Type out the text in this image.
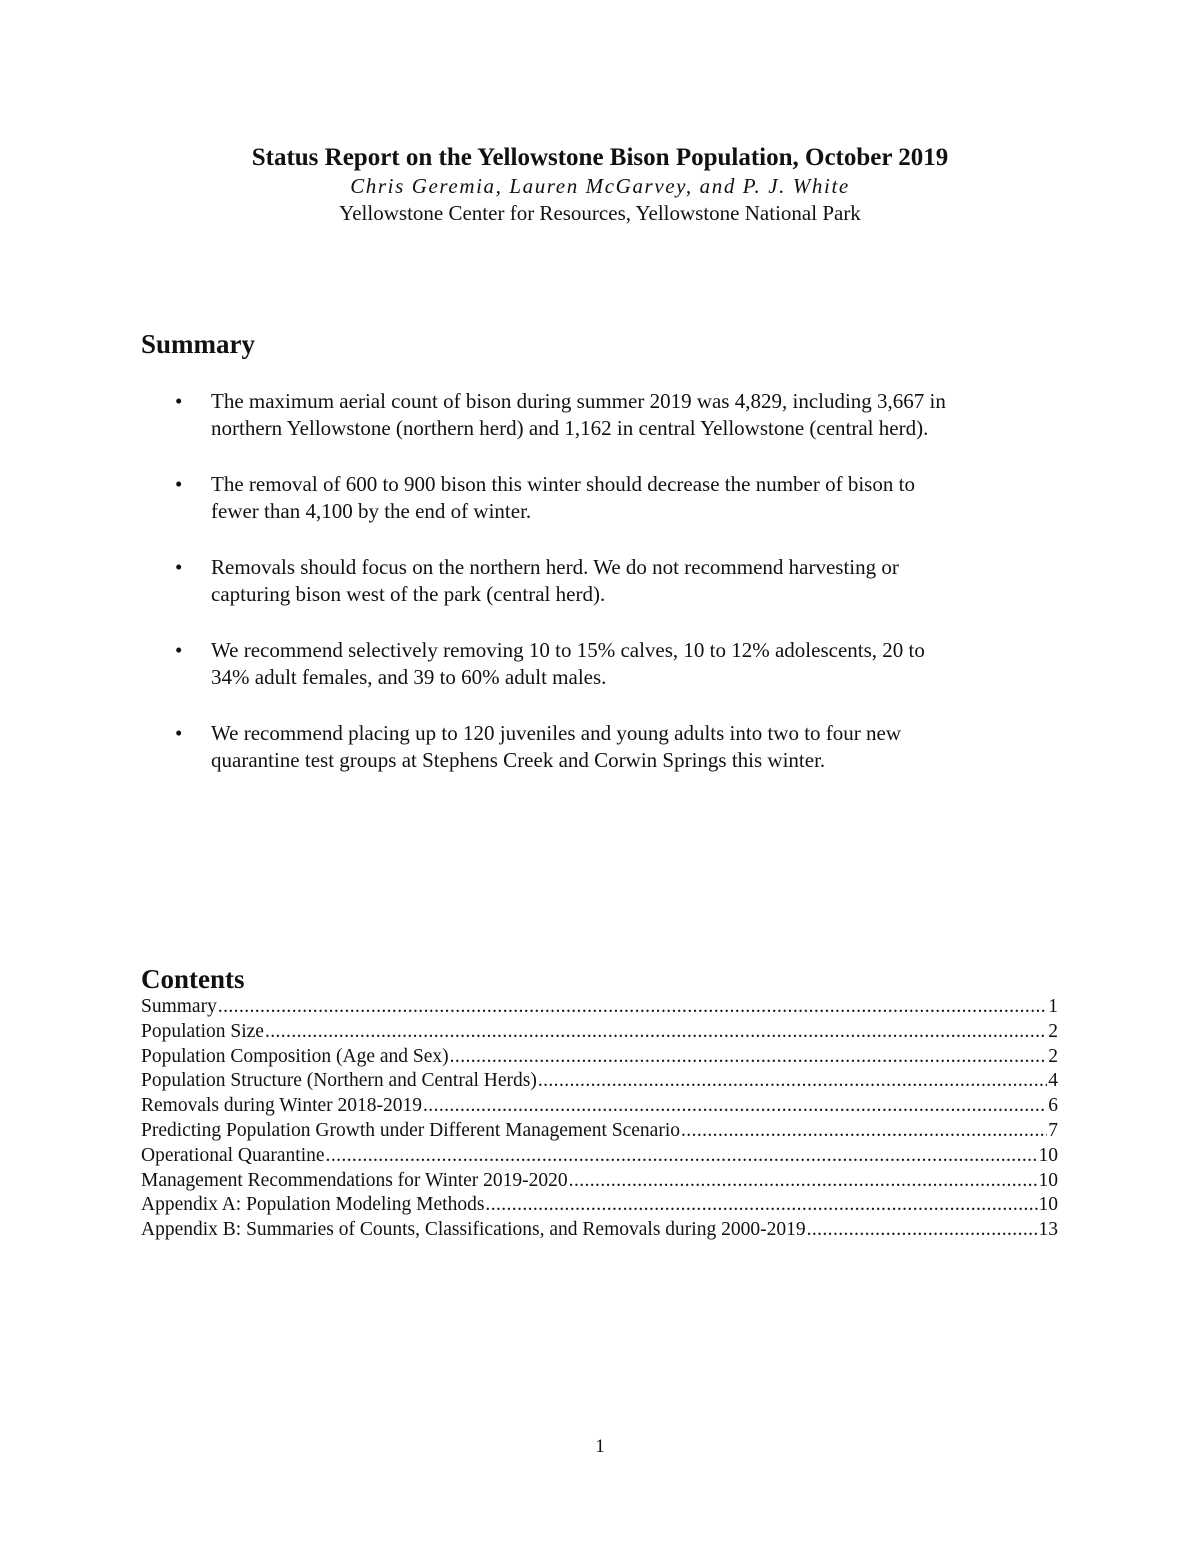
Status Report on the Yellowstone Bison Population, October 2019
Chris Geremia, Lauren McGarvey, and P. J. White
Yellowstone Center for Resources, Yellowstone National Park
Summary
• The maximum aerial count of bison during summer 2019 was 4,829, including 3,667 in
northern Yellowstone (northern herd) and 1,162 in central Yellowstone (central herd).
• The removal of 600 to 900 bison this winter should decrease the number of bison to
fewer than 4,100 by the end of winter.
• Removals should focus on the northern herd. We do not recommend harvesting or
capturing bison west of the park (central herd).
• We recommend selectively removing 10 to 15% calves, 10 to 12% adolescents, 20 to
34% adult females, and 39 to 60% adult males.
• We recommend placing up to 120 juveniles and young adults into two to four new
quarantine test groups at Stephens Creek and Corwin Springs this winter.
Contents
Summary .....	1
Population Size .....	2
Population Composition (Age and Sex) .....	2
Population Structure (Northern and Central Herds) .....	4
Removals during Winter 2018-2019 .....	6
Predicting Population Growth under Different Management Scenario .....	7
Operational Quarantine .....	10
Management Recommendations for Winter 2019-2020 .....	10
Appendix A: Population Modeling Methods .....	10
Appendix B: Summaries of Counts, Classifications, and Removals during 2000-2019 .....	13
1
